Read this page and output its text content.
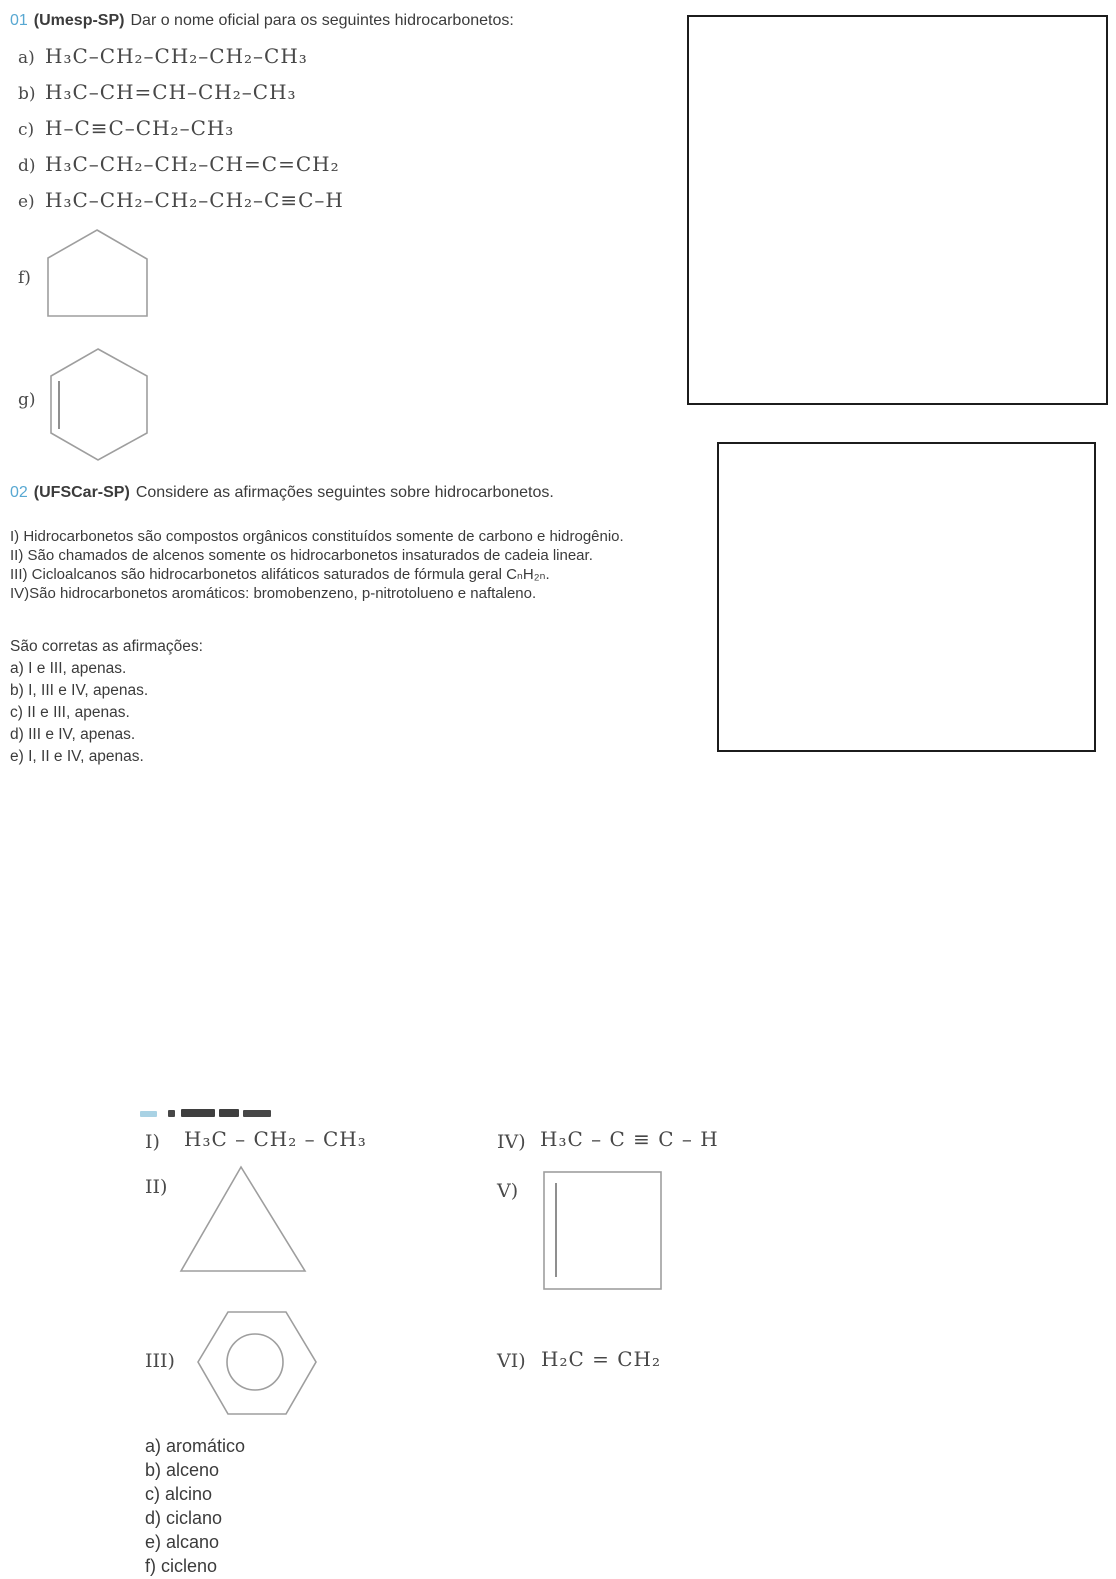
01 (Umesp-SP) Dar o nome oficial para os seguintes hidrocarbonetos:
a) H₃C–CH₂–CH₂–CH₂–CH₃
b) H₃C–CH=CH–CH₂–CH₃
c) H–C≡C–CH₂–CH₃
d) H₃C–CH₂–CH₂–CH=C=CH₂
e) H₃C–CH₂–CH₂–CH₂–C≡C–H
f)
g)
02 (UFSCar-SP) Considere as afirmações seguintes sobre hidrocarbonetos.
I) Hidrocarbonetos são compostos orgânicos constituídos somente de carbono e hidrogênio.
II) São chamados de alcenos somente os hidrocarbonetos insaturados de cadeia linear.
III) Cicloalcanos são hidrocarbonetos alifáticos saturados de fórmula geral CₙH₂ₙ.
IV)São hidrocarbonetos aromáticos: bromobenzeno, p-nitrotolueno e naftaleno.
São corretas as afirmações:
a) I e III, apenas.
b) I, III e IV, apenas.
c) II e III, apenas.
d) III e IV, apenas.
e) I, II e IV, apenas.
I) H₃C – CH₂ – CH₃	IV) H₃C – C ≡ C – H
II)	V)
III)	VI) H₂C = CH₂
a) aromático
b) alceno
c) alcino
d) ciclano
e) alcano
f) cicleno
